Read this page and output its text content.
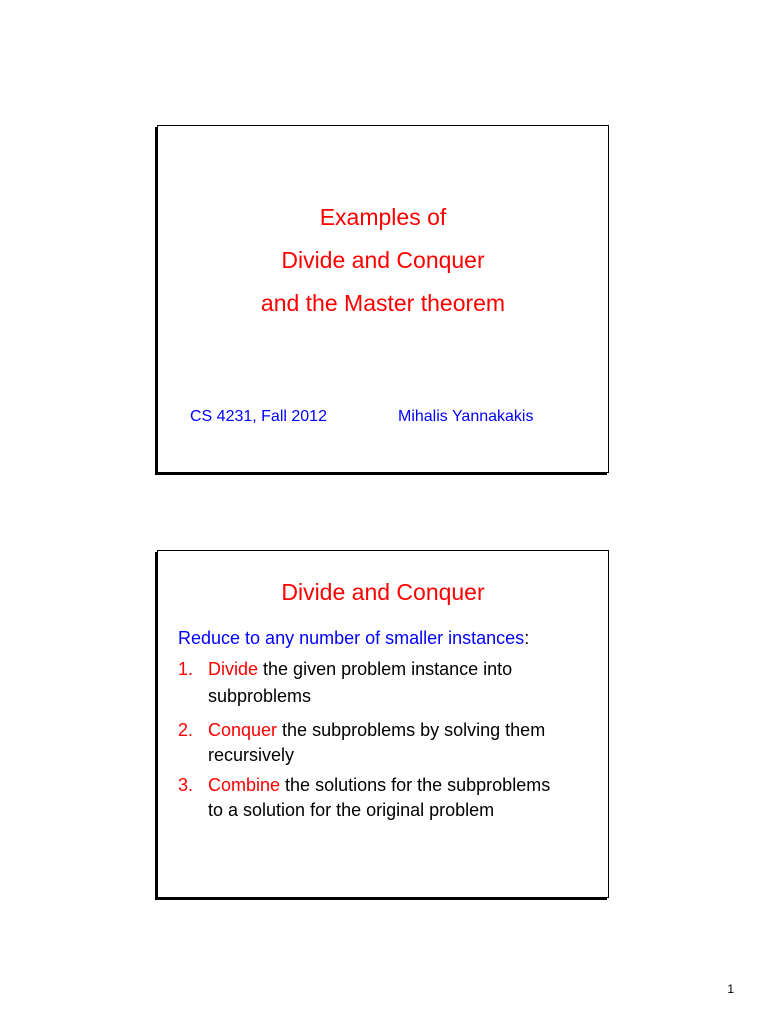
Examples of
Divide and Conquer
and the Master theorem
CS 4231, Fall 2012	Mihalis Yannakakis
Divide and Conquer
Reduce to any number of smaller instances:
1. Divide the given problem instance into
subproblems
2. Conquer the subproblems by solving them
recursively
3. Combine the solutions for the subproblems
to a solution for the original problem
1
